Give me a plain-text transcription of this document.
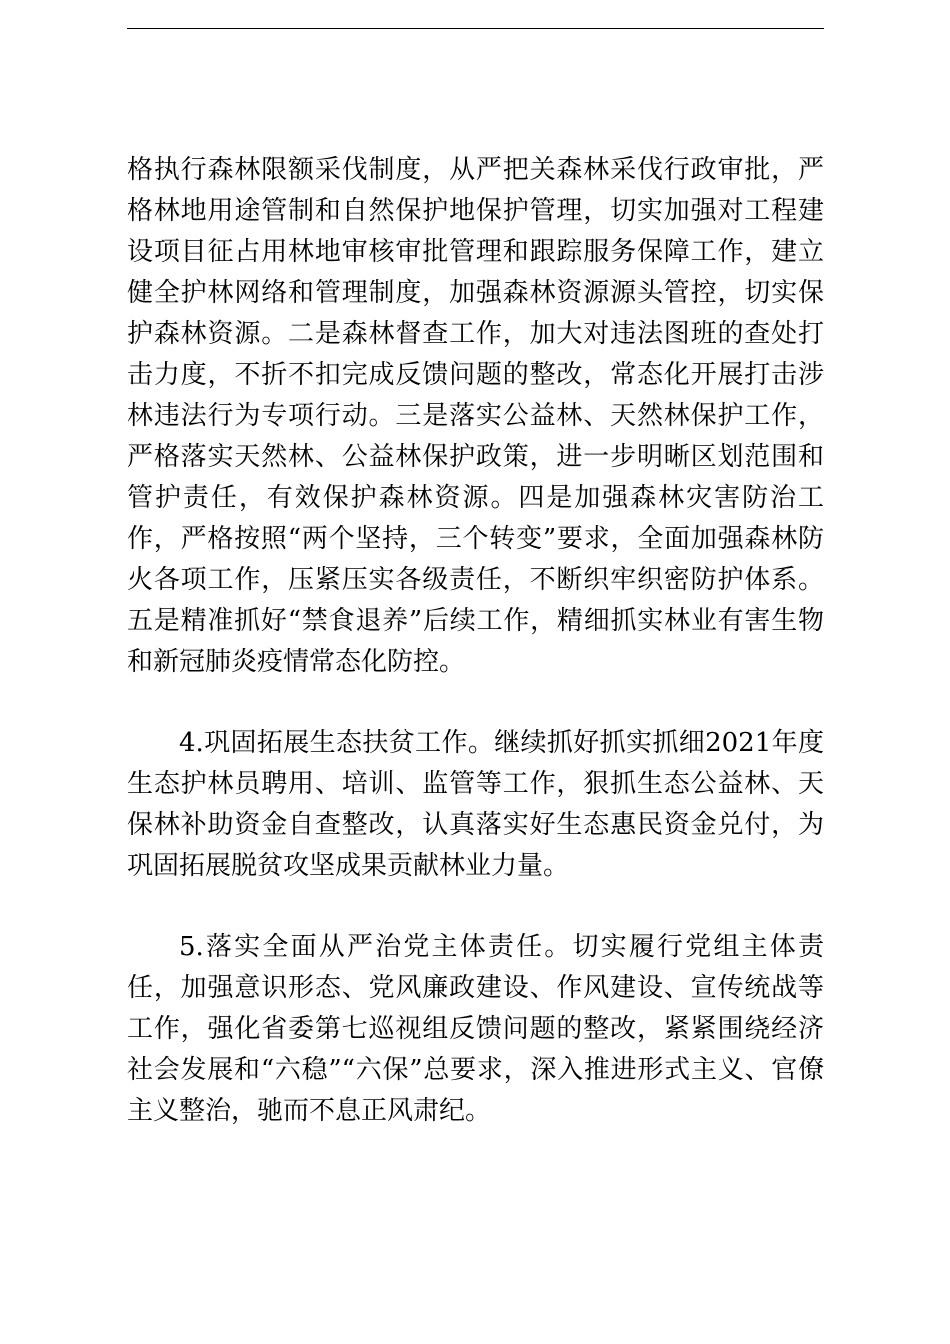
格执行森林限额采伐制度，从严把关森林采伐行政审批，严格林地用途管制和自然保护地保护管理，切实加强对工程建设项目征占用林地审核审批管理和跟踪服务保障工作，建立健全护林网络和管理制度，加强森林资源源头管控，切实保护森林资源。二是森林督查工作，加大对违法图班的查处打击力度，不折不扣完成反馈问题的整改，常态化开展打击涉林违法行为专项行动。三是落实公益林、天然林保护工作，严格落实天然林、公益林保护政策，进一步明晰区划范围和管护责任，有效保护森林资源。四是加强森林灾害防治工作，严格按照“两个坚持，三个转变”要求，全面加强森林防火各项工作，压紧压实各级责任，不断织牢织密防护体系。五是精准抓好“禁食退养”后续工作，精细抓实林业有害生物和新冠肺炎疫情常态化防控。

4.巩固拓展生态扶贫工作。继续抓好抓实抓细2021年度生态护林员聘用、培训、监管等工作，狠抓生态公益林、天保林补助资金自查整改，认真落实好生态惠民资金兑付，为巩固拓展脱贫攻坚成果贡献林业力量。

5.落实全面从严治党主体责任。切实履行党组主体责任，加强意识形态、党风廉政建设、作风建设、宣传统战等工作，强化省委第七巡视组反馈问题的整改，紧紧围绕经济社会发展和“六稳”“六保”总要求，深入推进形式主义、官僚主义整治，驰而不息正风肃纪。
